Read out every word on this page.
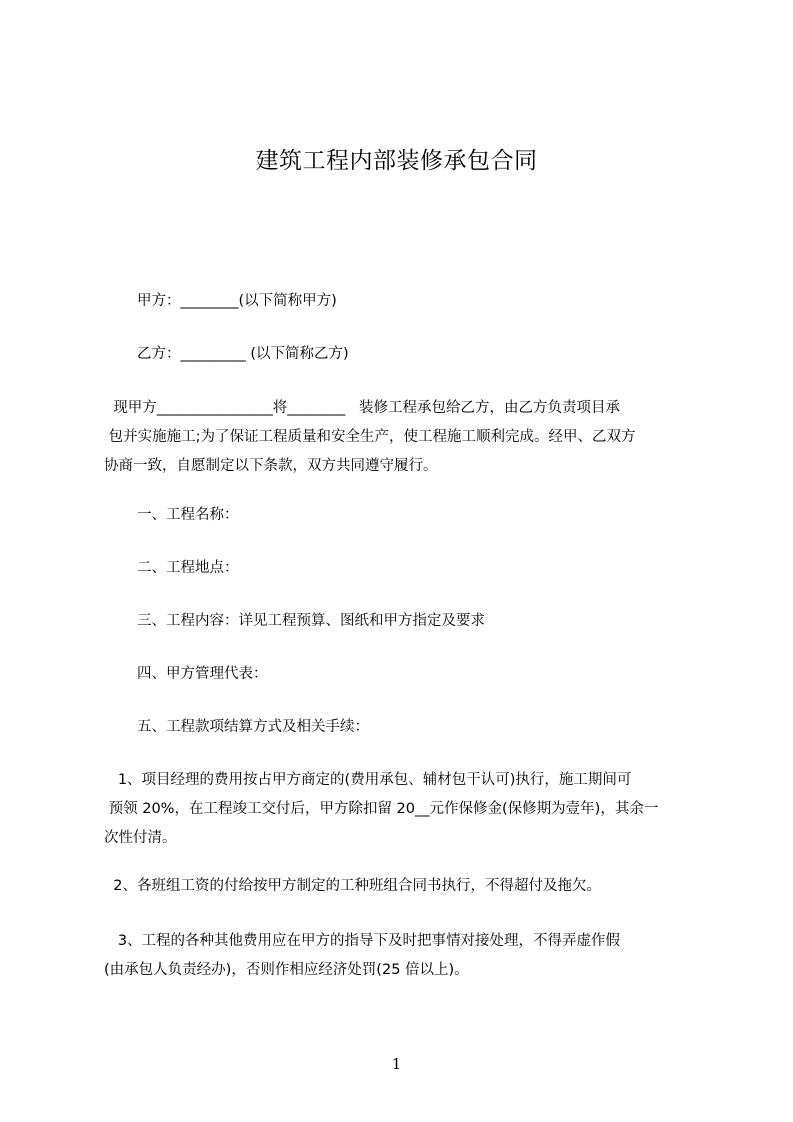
建筑工程内部装修承包合同
甲方：________(以下简称甲方)
乙方：_________ (以下简称乙方)
现甲方________________将________   装修工程承包给乙方，由乙方负责项目承
包并实施施工;为了保证工程质量和安全生产，使工程施工顺利完成。经甲、乙双方
协商一致，自愿制定以下条款，双方共同遵守履行。
一、工程名称：
二、工程地点：
三、工程内容：详见工程预算、图纸和甲方指定及要求
四、甲方管理代表：
五、工程款项结算方式及相关手续：
1、项目经理的费用按占甲方商定的(费用承包、辅材包干认可)执行，施工期间可
预领 20%，在工程竣工交付后，甲方除扣留 20__元作保修金(保修期为壹年)，其余一
次性付清。
2、各班组工资的付给按甲方制定的工种班组合同书执行，不得超付及拖欠。
3、工程的各种其他费用应在甲方的指导下及时把事情对接处理，不得弄虚作假
(由承包人负责经办)，否则作相应经济处罚(25 倍以上)。
1
